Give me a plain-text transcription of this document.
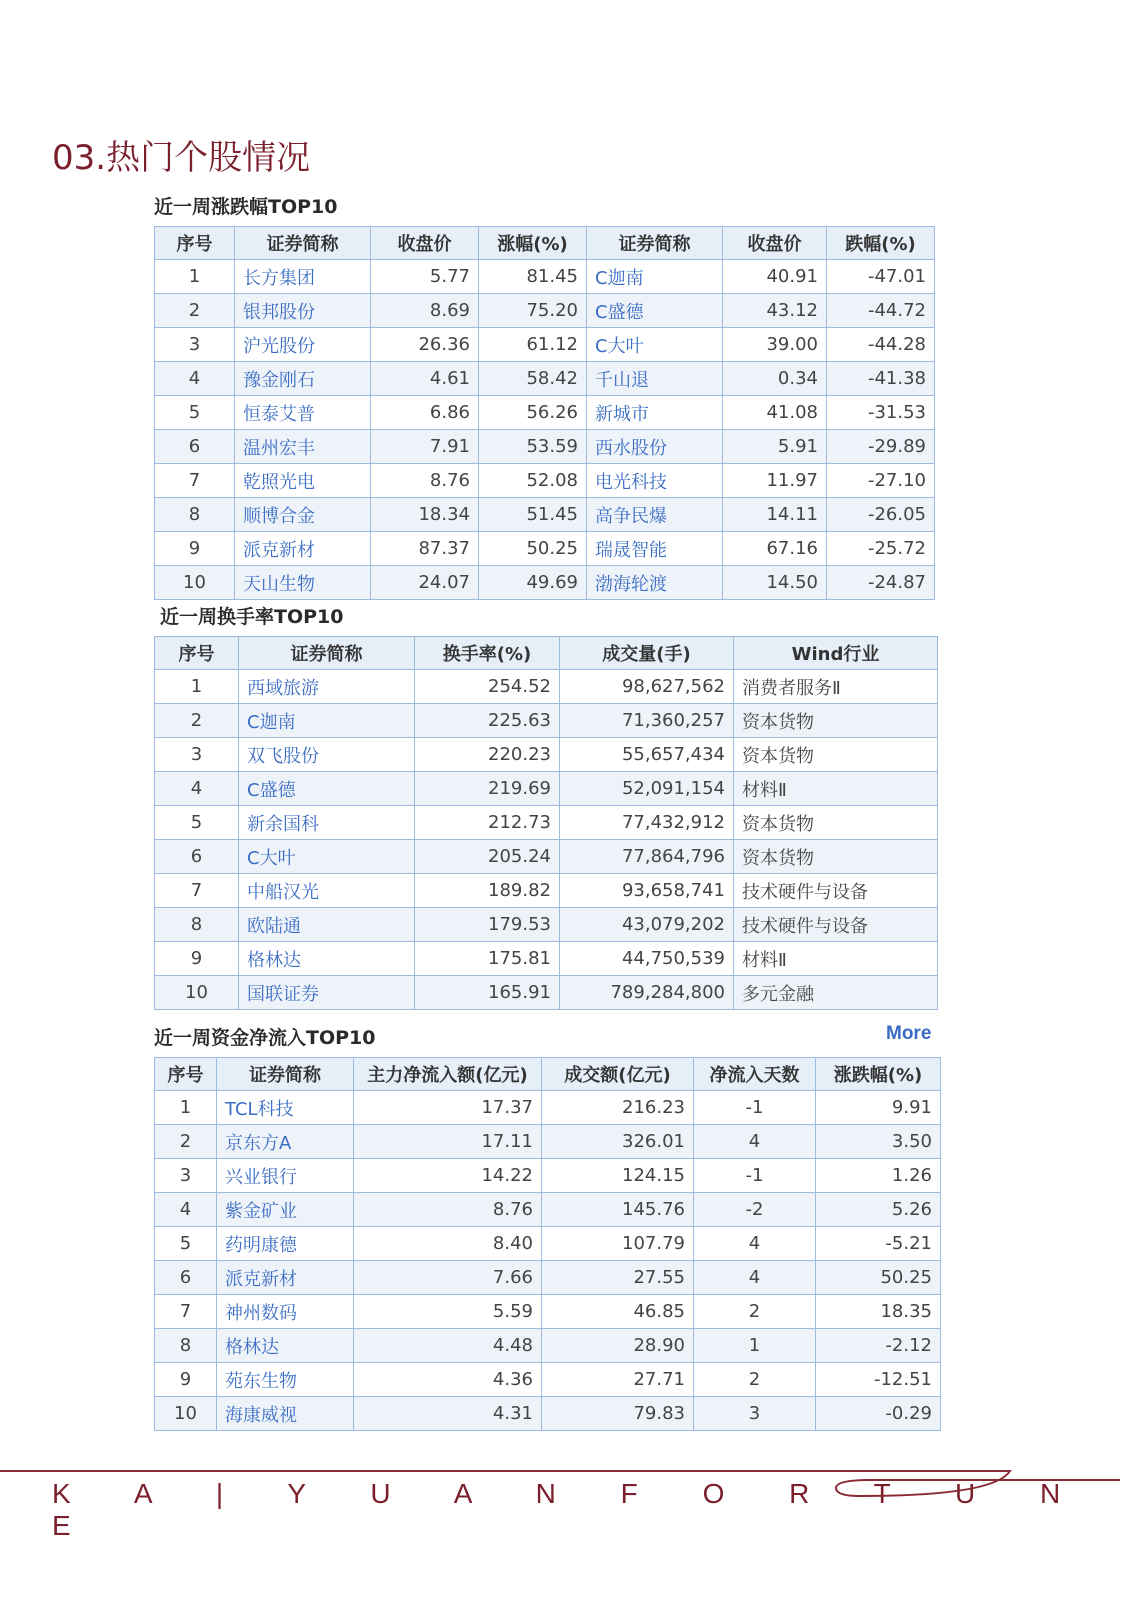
03.热门个股情况
近一周涨跌幅TOP10
序号	证券简称	收盘价	涨幅(%)	证券简称	收盘价	跌幅(%)
1	长方集团	5.77	81.45	C迦南	40.91	-47.01
2	银邦股份	8.69	75.20	C盛德	43.12	-44.72
3	沪光股份	26.36	61.12	C大叶	39.00	-44.28
4	豫金刚石	4.61	58.42	千山退	0.34	-41.38
5	恒泰艾普	6.86	56.26	新城市	41.08	-31.53
6	温州宏丰	7.91	53.59	西水股份	5.91	-29.89
7	乾照光电	8.76	52.08	电光科技	11.97	-27.10
8	顺博合金	18.34	51.45	高争民爆	14.11	-26.05
9	派克新材	87.37	50.25	瑞晟智能	67.16	-25.72
10	天山生物	24.07	49.69	渤海轮渡	14.50	-24.87
近一周换手率TOP10
序号	证券简称	换手率(%)	成交量(手)	Wind行业
1	西域旅游	254.52	98,627,562	消费者服务Ⅱ
2	C迦南	225.63	71,360,257	资本货物
3	双飞股份	220.23	55,657,434	资本货物
4	C盛德	219.69	52,091,154	材料Ⅱ
5	新余国科	212.73	77,432,912	资本货物
6	C大叶	205.24	77,864,796	资本货物
7	中船汉光	189.82	93,658,741	技术硬件与设备
8	欧陆通	179.53	43,079,202	技术硬件与设备
9	格林达	175.81	44,750,539	材料Ⅱ
10	国联证券	165.91	789,284,800	多元金融
近一周资金净流入TOP10	More
序号	证券简称	主力净流入额(亿元)	成交额(亿元)	净流入天数	涨跌幅(%)
1	TCL科技	17.37	216.23	-1	9.91
2	京东方A	17.11	326.01	4	3.50
3	兴业银行	14.22	124.15	-1	1.26
4	紫金矿业	8.76	145.76	-2	5.26
5	药明康德	8.40	107.79	4	-5.21
6	派克新材	7.66	27.55	4	50.25
7	神州数码	5.59	46.85	2	18.35
8	格林达	4.48	28.90	1	-2.12
9	苑东生物	4.36	27.71	2	-12.51
10	海康威视	4.31	79.83	3	-0.29
K A | Y U A N F O R T U N E
